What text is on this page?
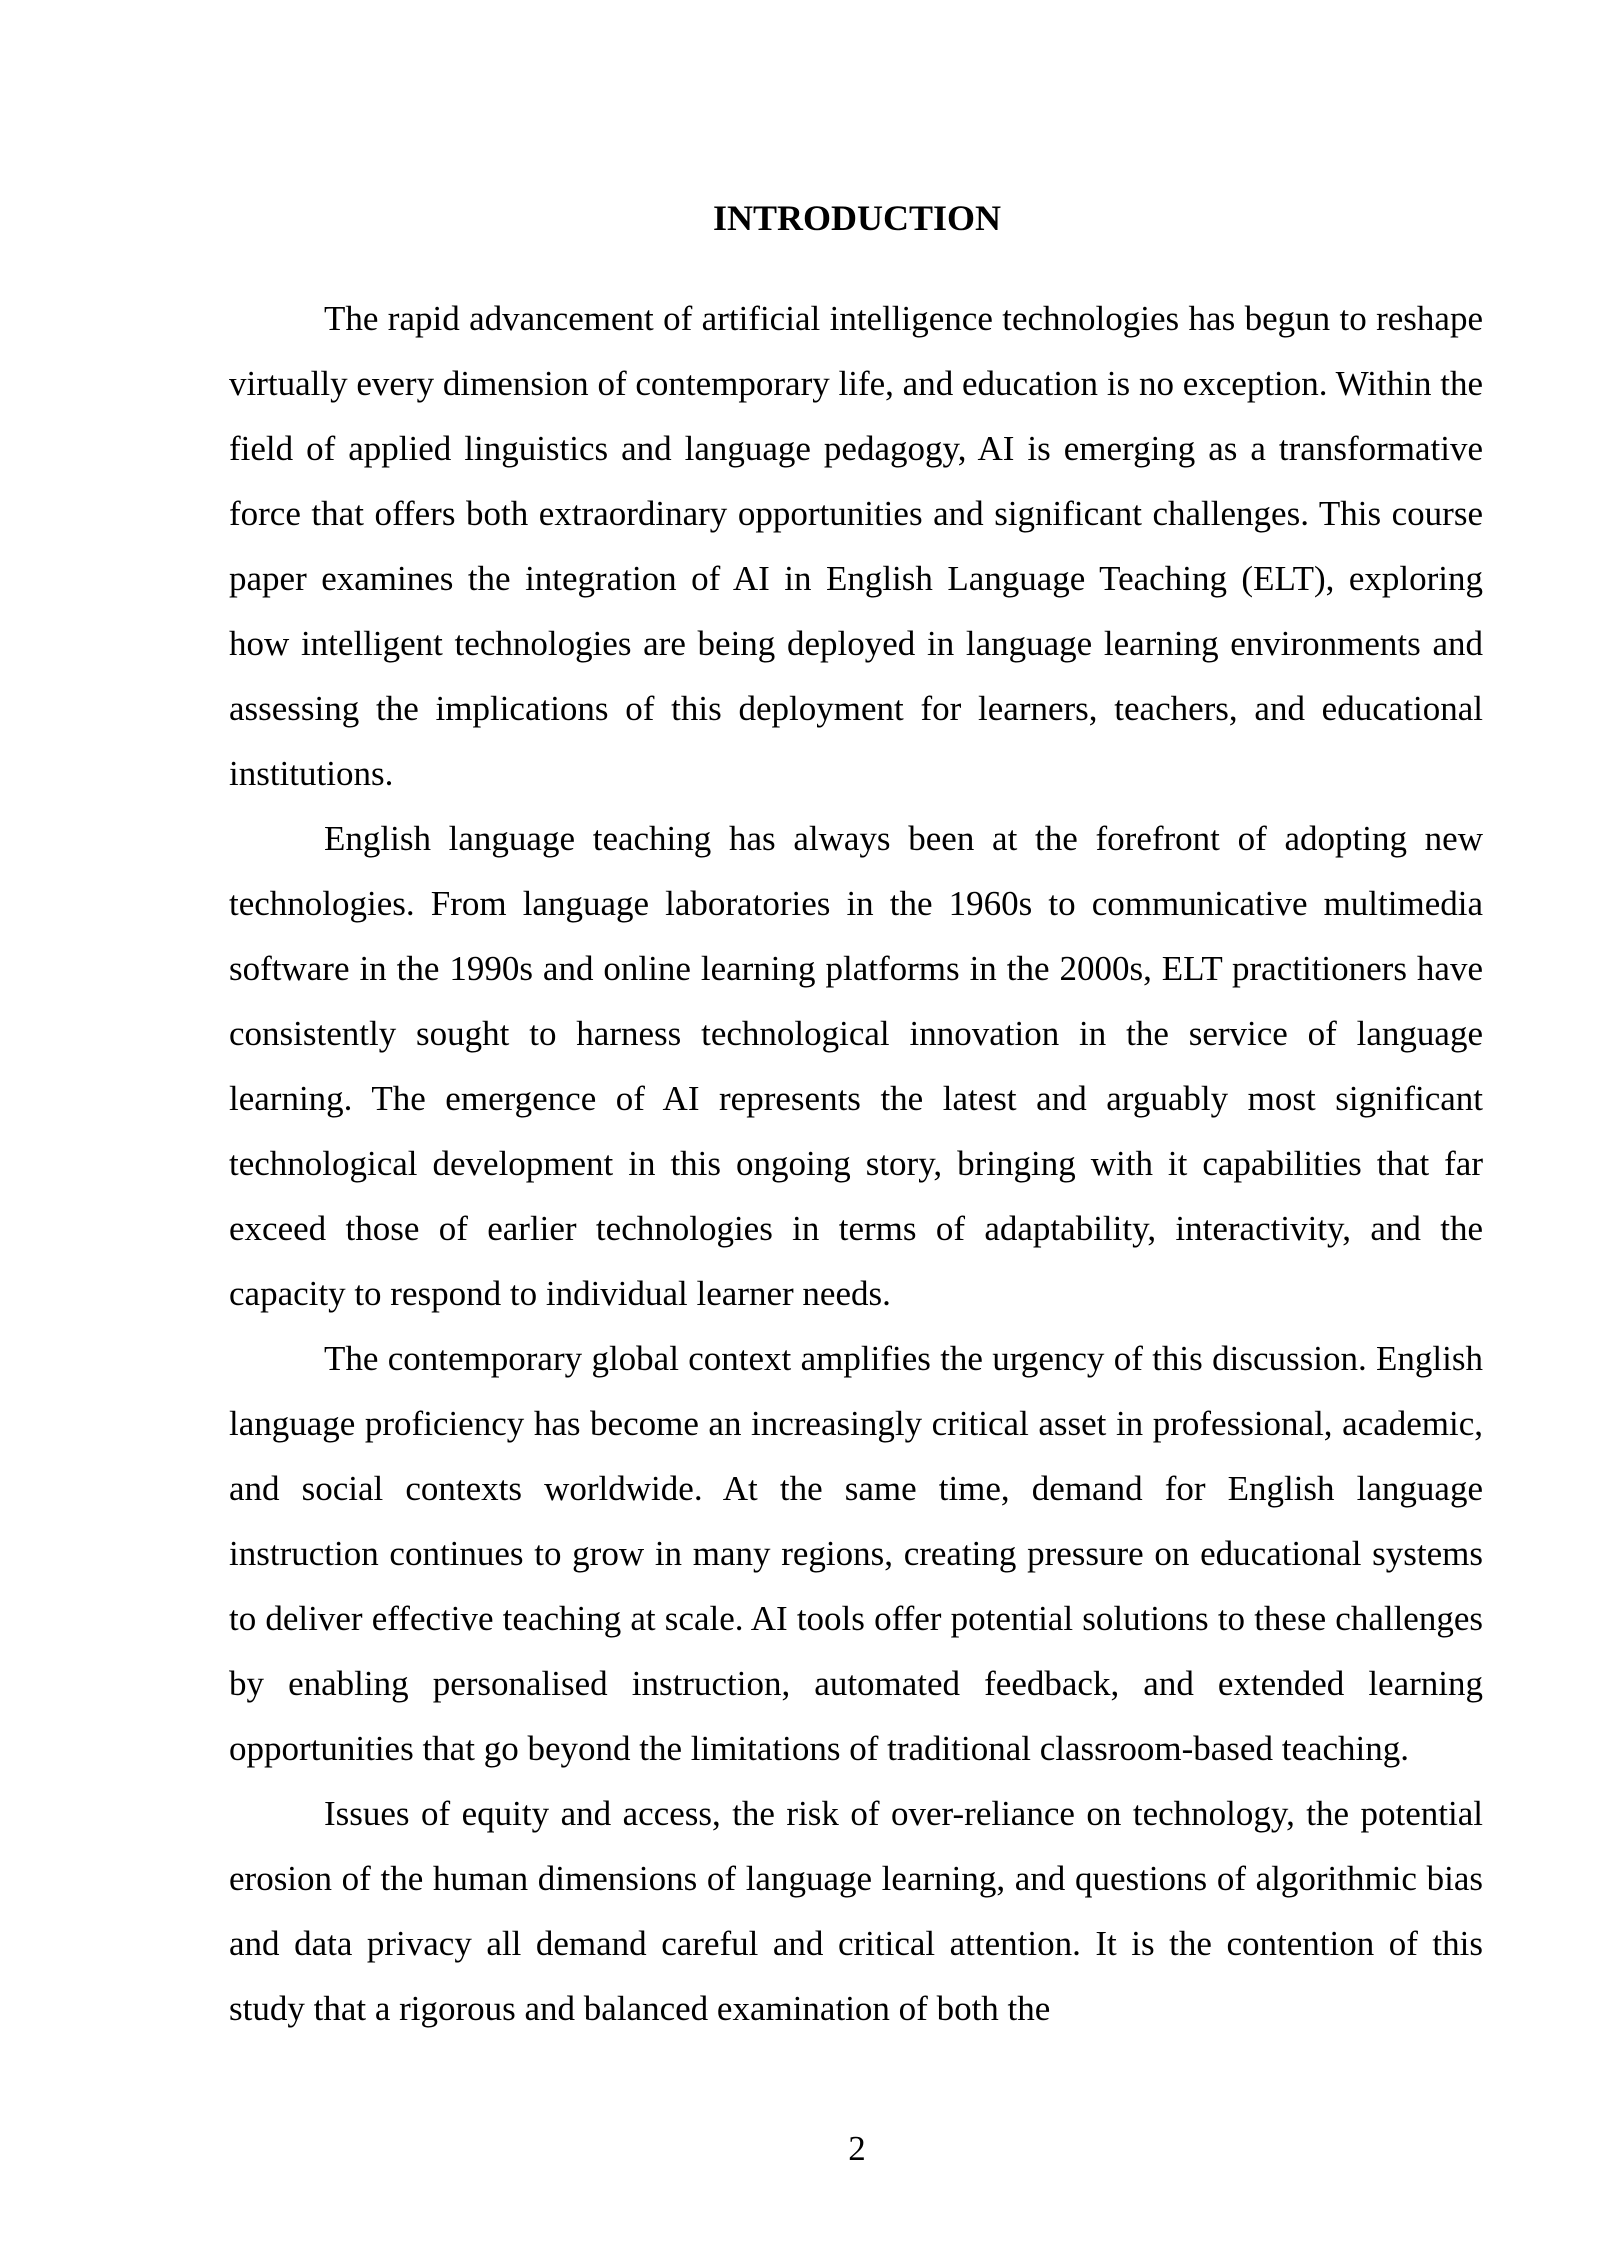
INTRODUCTION

The rapid advancement of artificial intelligence technologies has begun to reshape virtually every dimension of contemporary life, and education is no exception. Within the field of applied linguistics and language pedagogy, AI is emerging as a transformative force that offers both extraordinary opportunities and significant challenges. This course paper examines the integration of AI in English Language Teaching (ELT), exploring how intelligent technologies are being deployed in language learning environments and assessing the implications of this deployment for learners, teachers, and educational institutions.

English language teaching has always been at the forefront of adopting new technologies. From language laboratories in the 1960s to communicative multimedia software in the 1990s and online learning platforms in the 2000s, ELT practitioners have consistently sought to harness technological innovation in the service of language learning. The emergence of AI represents the latest and arguably most significant technological development in this ongoing story, bringing with it capabilities that far exceed those of earlier technologies in terms of adaptability, interactivity, and the capacity to respond to individual learner needs.

The contemporary global context amplifies the urgency of this discussion. English language proficiency has become an increasingly critical asset in professional, academic, and social contexts worldwide. At the same time, demand for English language instruction continues to grow in many regions, creating pressure on educational systems to deliver effective teaching at scale. AI tools offer potential solutions to these challenges by enabling personalised instruction, automated feedback, and extended learning opportunities that go beyond the limitations of traditional classroom-based teaching.

Issues of equity and access, the risk of over-reliance on technology, the potential erosion of the human dimensions of language learning, and questions of algorithmic bias and data privacy all demand careful and critical attention. It is the contention of this study that a rigorous and balanced examination of both the

2
